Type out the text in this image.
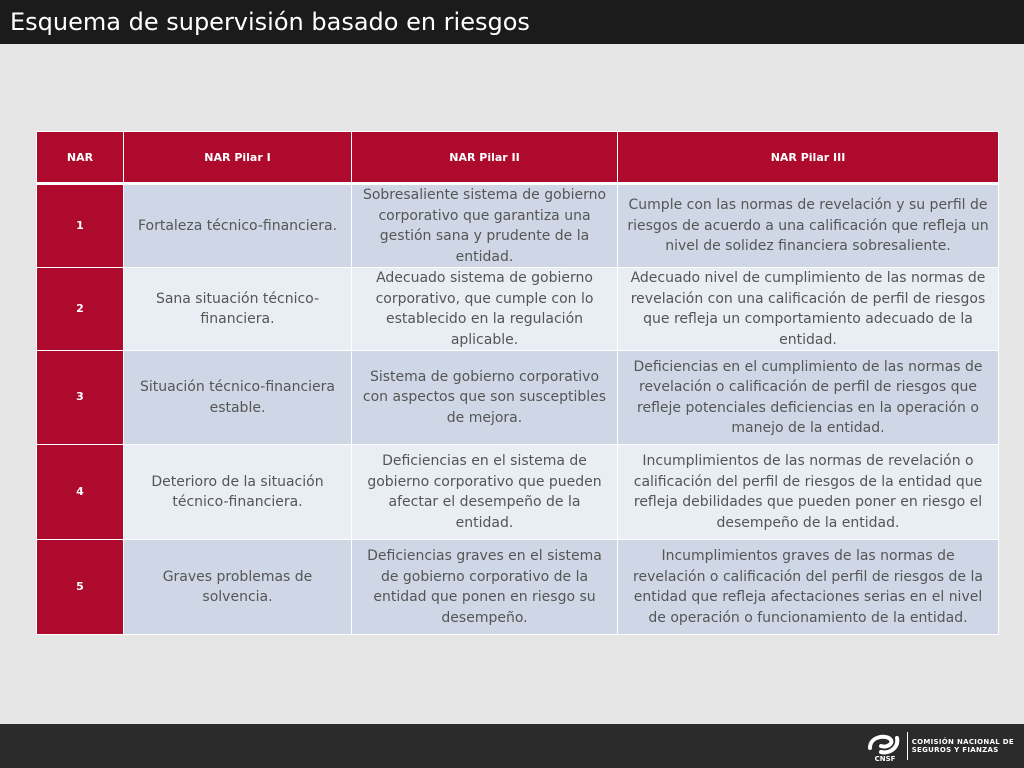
Esquema de supervisión basado en riesgos
NAR	NAR Pilar I	NAR Pilar II	NAR Pilar III
1	Fortaleza técnico-financiera.	Sobresaliente sistema de gobierno corporativo que garantiza una gestión sana y prudente de la entidad.	Cumple con las normas de revelación y su perfil de riesgos de acuerdo a una calificación que refleja un nivel de solidez financiera sobresaliente.
2	Sana situación técnico-financiera.	Adecuado sistema de gobierno corporativo, que cumple con lo establecido en la regulación aplicable.	Adecuado nivel de cumplimiento de las normas de revelación con una calificación de perfil de riesgos que refleja un comportamiento adecuado de la entidad.
3	Situación técnico-financiera estable.	Sistema de gobierno corporativo con aspectos que son susceptibles de mejora.	Deficiencias en el cumplimiento de las normas de revelación o calificación de perfil de riesgos que refleje potenciales deficiencias en la operación o manejo de la entidad.
4	Deterioro de la situación técnico-financiera.	Deficiencias en el sistema de gobierno corporativo que pueden afectar el desempeño de la entidad.	Incumplimientos de las normas de revelación o calificación del perfil de riesgos de la entidad que refleja debilidades que pueden poner en riesgo el desempeño de la entidad.
5	Graves problemas de solvencia.	Deficiencias graves en el sistema de gobierno corporativo de la entidad que ponen en riesgo su desempeño.	Incumplimientos graves de las normas de revelación o calificación del perfil de riesgos de la entidad que refleja afectaciones serias en el nivel de operación o funcionamiento de la entidad.
CNSF
COMISIÓN NACIONAL DE
SEGUROS Y FIANZAS
